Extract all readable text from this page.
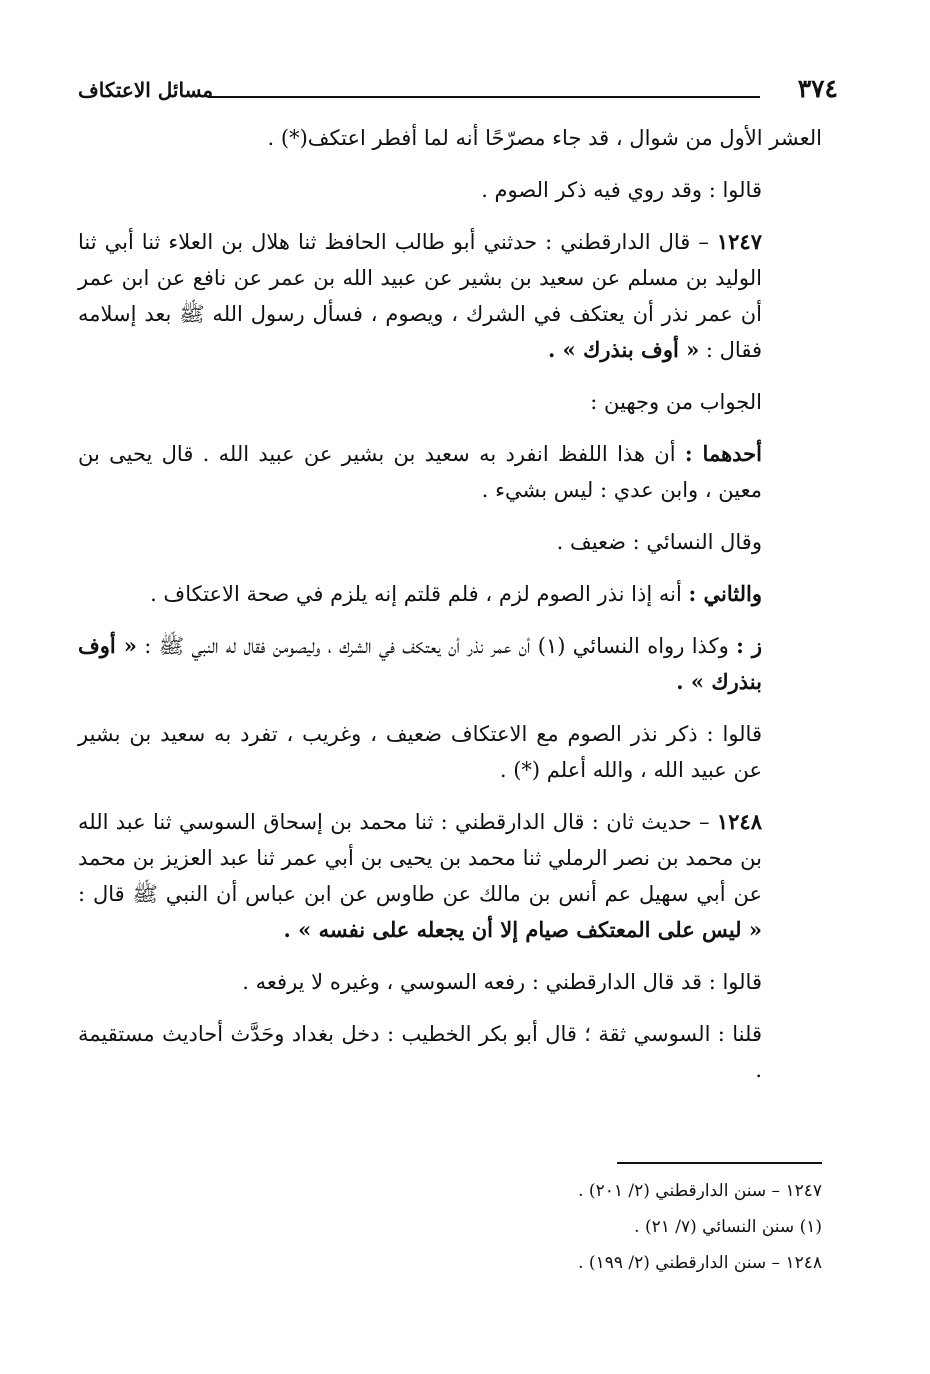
٣٧٤
مسائل الاعتكاف

العشر الأول من شوال ، قد جاء مصرّحًا أنه لما أفطر اعتكف(*) .

قالوا : وقد روي فيه ذكر الصوم .

١٢٤٧ – قال الدارقطني : حدثني أبو طالب الحافظ ثنا هلال بن العلاء ثنا أبي ثنا الوليد بن مسلم عن سعيد بن بشير عن عبيد الله بن عمر عن نافع عن ابن عمر أن عمر نذر أن يعتكف في الشرك ، ويصوم ، فسأل رسول الله ﷺ بعد إسلامه فقال : « أوف بنذرك » .

الجواب من وجهين :

أحدهما : أن هذا اللفظ انفرد به سعيد بن بشير عن عبيد الله . قال يحيى بن معين ، وابن عدي : ليس بشيء .

وقال النسائي : ضعيف .

والثاني : أنه إذا نذر الصوم لزم ، فلم قلتم إنه يلزم في صحة الاعتكاف .

ز : وكذا رواه النسائي (١) أن عمر نذر أن يعتكف في الشرك ، وليصومن فقال له النبي ﷺ : « أوف بنذرك » .

قالوا : ذكر نذر الصوم مع الاعتكاف ضعيف ، وغريب ، تفرد به سعيد بن بشير عن عبيد الله ، والله أعلم (*) .

١٢٤٨ – حديث ثان : قال الدارقطني : ثنا محمد بن إسحاق السوسي ثنا عبد الله بن محمد بن نصر الرملي ثنا محمد بن يحيى بن أبي عمر ثنا عبد العزيز بن محمد عن أبي سهيل عم أنس بن مالك عن طاوس عن ابن عباس أن النبي ﷺ قال : « ليس على المعتكف صيام إلا أن يجعله على نفسه » .

قالوا : قد قال الدارقطني : رفعه السوسي ، وغيره لا يرفعه .

قلنا : السوسي ثقة ؛ قال أبو بكر الخطيب : دخل بغداد وحَدَّث أحاديث مستقيمة .

١٢٤٧ – سنن الدارقطني (٢/ ٢٠١) .

(١) سنن النسائي (٧/ ٢١) .

١٢٤٨ – سنن الدارقطني (٢/ ١٩٩) .
